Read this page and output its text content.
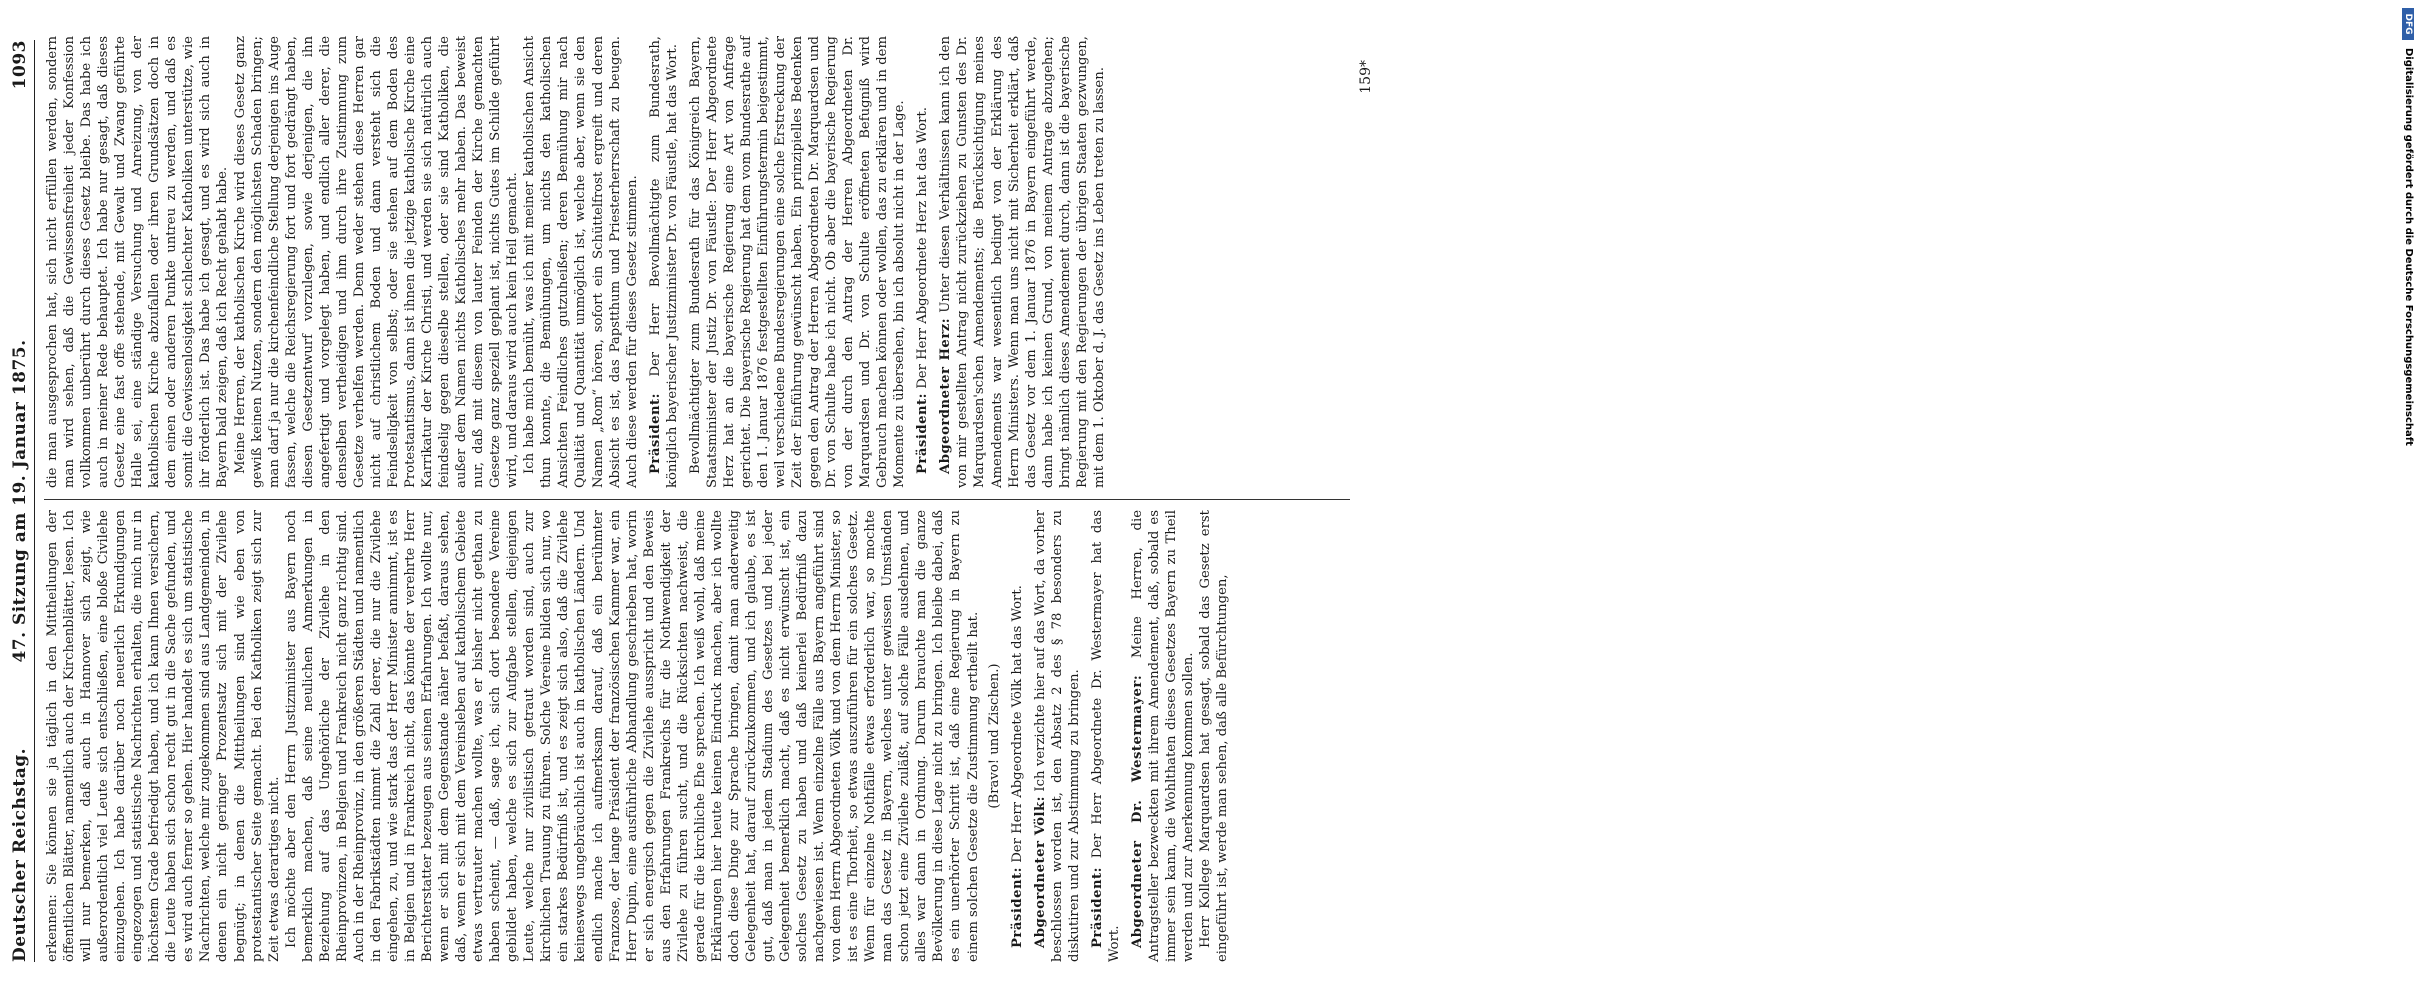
Deutscher Reichstag.
47. Sitzung am 19. Januar 1875.
1093

erkennen: Sie können sie ja täglich in den Mittheilungen der öffentlichen Blätter, namentlich auch der Kirchenblätter, lesen. Ich will nur bemerken, daß auch in Hannover sich zeigt, wie außerordentlich viel Leute sich entschließen, eine bloße Civilehe einzugehen. Ich habe darüber noch neuerlich Erkundigungen eingezogen und statistische Nachrichten erhalten, die mich nur in höchstem Grade befriedigt haben, und ich kann Ihnen versichern, die Leute haben sich schon recht gut in die Sache gefunden, und es wird auch ferner so gehen. Hier handelt es sich um statistische Nachrichten, welche mir zugekommen sind aus Landgemeinden, in denen ein nicht geringer Prozentsatz sich mit der Zivilehe begnügt; in denen die Mittheilungen sind wie eben von protestantischer Seite gemacht. Bei den Katholiken zeigt sich zur Zeit etwas derartiges nicht. Ich möchte aber den Herrn Justizminister aus Bayern noch bemerklich machen, daß seine neulichen Anmerkungen in Beziehung auf das Ungehörliche der Zivilehe in den Rheinprovinzen, in Belgien und Frankreich nicht ganz richtig sind. Auch in der Rheinprovinz, in den größeren Städten und namentlich in den Fabrikstädten nimmt die Zahl derer, die nur die Zivilehe eingehen, zu, und wie stark das der Herr Minister annimmt, ist es in Belgien und in Frankreich nicht, das könnte der verehrte Herr Berichterstatter bezeugen aus seinen Erfahrungen. Ich wollte nur, wenn er sich mit dem Gegenstande näher befaßt, daraus sehen, daß, wenn er sich mit dem Vereinsleben auf katholischem Gebiete etwas vertrauter machen wollte, was er bisher nicht gethan zu haben scheint, — daß, sage ich, sich dort besondere Vereine gebildet haben, welche es sich zur Aufgabe stellen, diejenigen Leute, welche nur zivilistisch getraut worden sind, auch zur kirchlichen Trauung zu führen. Solche Vereine bilden sich nur, wo ein starkes Bedürfniß ist, und es zeigt sich also, daß die Zivilehe keineswegs ungebräuchlich ist auch in katholischen Ländern. Und endlich mache ich aufmerksam darauf, daß ein berühmter Franzose, der lange Präsident der französischen Kammer war, ein Herr Dupin, eine ausführliche Abhandlung geschrieben hat, worin er sich energisch gegen die Zivilehe ausspricht und den Beweis aus den Erfahrungen Frankreichs für die Nothwendigkeit der Zivilehe zu führen sucht, und die Rücksichten nachweist, die gerade für die kirchliche Ehe sprechen. Ich weiß wohl, daß meine Erklärungen hier heute keinen Eindruck machen, aber ich wollte doch diese Dinge zur Sprache bringen, damit man anderweitig Gelegenheit hat, darauf zurückzukommen, und ich glaube, es ist gut, daß man in jedem Stadium des Gesetzes und bei jeder Gelegenheit bemerklich macht, daß es nicht erwünscht ist, ein solches Gesetz zu haben und daß keinerlei Bedürfniß dazu nachgewiesen ist. Wenn einzelne Fälle aus Bayern angeführt sind von dem Herrn Abgeordneten Völk und von dem Herrn Minister, so ist es eine Thorheit, so etwas auszuführen für ein solches Gesetz. Wenn für einzelne Nothfälle etwas erforderlich war, so mochte man das Gesetz in Bayern, welches unter gewissen Umständen schon jetzt eine Zivilehe zuläßt, auf solche Fälle ausdehnen, und alles war dann in Ordnung. Darum brauchte man die ganze Bevölkerung in diese Lage nicht zu bringen. Ich bleibe dabei, daß es ein unerhörter Schritt ist, daß eine Regierung in Bayern zu einem solchen Gesetze die Zustimmung ertheilt hat. (Bravo! und Zischen.)

Präsident: Der Herr Abgeordnete Völk hat das Wort.

Abgeordneter Völk: Ich verzichte hier auf das Wort, da vorher beschlossen worden ist, den Absatz 2 des § 78 besonders zu diskutiren und zur Abstimmung zu bringen. Präsident: Der Herr Abgeordnete Dr. Westermayer hat das Wort. Abgeordneter Dr. Westermayer: Meine Herren, die Antragsteller bezweckten mit ihrem Amendement, daß, sobald es immer sein kann, die Wohlthaten dieses Gesetzes Bayern zu Theil werden und zur Anerkennung kommen sollen. Herr Kollege Marquardsen hat gesagt, sobald das Gesetz erst eingeführt ist, werde man sehen, daß alle Befürchtungen,

die man ausgesprochen hat, sich nicht erfüllen werden, sondern man wird sehen, daß die Gewissensfreiheit jeder Konfession vollkommen unberührt durch dieses Gesetz bleibe. Das habe ich auch in meiner Rede behauptet. Ich habe nur gesagt, daß dieses Gesetz eine fast offe stehende, mit Gewalt und Zwang geführte Halle sei, eine ständige Versuchung und Anreizung, von der katholischen Kirche abzufallen oder ihren Grundsätzen doch in dem einen oder anderen Punkte untreu zu werden, und daß es somit die Gewissenlosigkeit schlechter Katholiken unterstütze, wie ihr förderlich ist. Das habe ich gesagt, und es wird sich auch in Bayern bald zeigen, daß ich Recht gehabt habe. Meine Herren, der katholischen Kirche wird dieses Gesetz ganz gewiß keinen Nutzen, sondern den möglichsten Schaden bringen; man darf ja nur die kirchenfeindliche Stellung derjenigen ins Auge fassen, welche die Reichsregierung fort und fort gedrängt haben, diesen Gesetzentwurf vorzulegen, sowie derjenigen, die ihn angefertigt und vorgelegt haben, und endlich aller derer, die denselben vertheidigen und ihm durch ihre Zustimmung zum Gesetze verhelfen werden. Denn weder stehen diese Herren gar nicht auf christlichem Boden und dann versteht sich die Feindseligkeit von selbst; oder sie stehen auf dem Boden des Protestantismus, dann ist ihnen die jetzige katholische Kirche eine Karrikatur der Kirche Christi, und werden sie sich natürlich auch feindselig gegen dieselbe stellen, oder sie sind Katholiken, die außer dem Namen nichts Katholisches mehr haben. Das beweist nur, daß mit diesem von lauter Feinden der Kirche gemachten Gesetze ganz speziell geplant ist, nichts Gutes im Schilde geführt wird, und daraus wird auch kein Heil gemacht. Ich habe mich bemüht, was ich mit meiner katholischen Ansicht thun konnte, die Bemühungen, um nichts den katholischen Ansichten Feindliches gutzuheißen; deren Bemühung mir nach Qualität und Quantität unmöglich ist, welche aber, wenn sie den Namen „Rom“ hören, sofort ein Schüttelfrost ergreift und deren Absicht es ist, das Papstthum und Priesterherrschaft zu beugen. Auch diese werden für dieses Gesetz stimmen. Präsident: Der Herr Bevollmächtigte zum Bundesrath, königlich bayerischer Justizminister Dr. von Fäustle, hat das Wort. Bevollmächtigter zum Bundesrath für das Königreich Bayern, Staatsminister der Justiz Dr. von Fäustle: Der Herr Abgeordnete Herz hat an die bayerische Regierung eine Art von Anfrage gerichtet. Die bayerische Regierung hat dem vom Bundesrathe auf den 1. Januar 1876 festgestellten Einführungstermin beigestimmt, weil verschiedene Bundesregierungen eine solche Erstreckung der Zeit der Einführung gewünscht haben. Ein prinzipielles Bedenken gegen den Antrag der Herren Abgeordneten Dr. Marquardsen und Dr. von Schulte habe ich nicht. Ob aber die bayerische Regierung von der durch den Antrag der Herren Abgeordneten Dr. Marquardsen und Dr. von Schulte eröffneten Befugniß wird Gebrauch machen können oder wollen, das zu erklären und in dem Momente zu übersehen, bin ich absolut nicht in der Lage. Präsident: Der Herr Abgeordnete Herz hat das Wort.

Abgeordneter Herz: Unter diesen Verhältnissen kann ich den von mir gestellten Antrag nicht zurückziehen zu Gunsten des Dr. Marquardsen'schen Amendements; die Berücksichtigung meines Amendements war wesentlich bedingt von der Erklärung des Herrn Ministers. Wenn man uns nicht mit Sicherheit erklärt, daß das Gesetz vor dem 1. Januar 1876 in Bayern eingeführt werde, dann habe ich keinen Grund, von meinem Antrage abzugehen; bringt nämlich dieses Amendement durch, dann ist die bayerische Regierung mit den Regierungen der übrigen Staaten gezwungen, mit dem 1. Oktober d. J. das Gesetz ins Leben treten zu lassen.	159*
DFG
Digitalisierung gefördert durch die Deutsche Forschungsgemeinschaft
